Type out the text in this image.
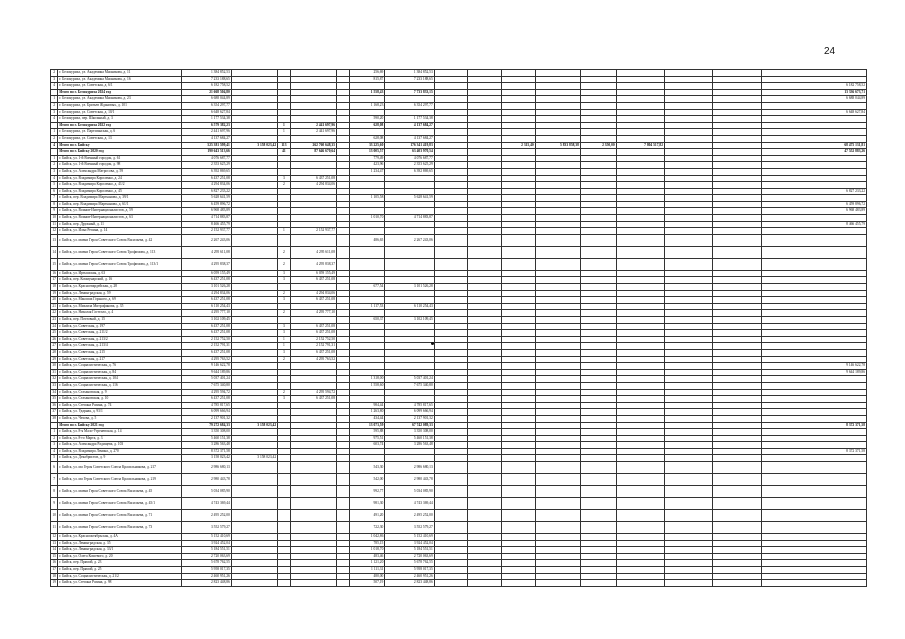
24
2	г. Белокуриха, ул. Академика Мясникова, д. 11	1 384 852,53					256,69	1 384 852,53									
3	г. Белокуриха, ул. Академика Мясникова, д. 16	7 233 188,65					815,87	7 233 188,65									
4	г. Белокуриха, ул. Советская, д. 6/1	6 182 758,52															6 182 758,52
	Итого по г. Белокуриха 2024 год	21 668 504,80					1 558,43	7 733 833,15									13 336 673,71
1	г. Белокуриха, ул. Академика Мясникова, д. 23	6 688 044,89															6 688 044,89
2	г. Белокуриха, ул. Братьев Ждановых, д. 101	6 354 297,77					1 168,23	6 354 297,77									
3	г. Белокуриха, ул. Советская, д. 10/1	6 648 627,84															6 648 627,84
4	г. Белокуриха, пер. Школьный, д. 3	1 177 534,38					590,20	1 177 534,38									
	Итого по г. Белокуриха 2022 год	6 579 382,23		1	2 441 697,96		628,08	4 137 684,27									
1	г. Белокуриха, ул. Партизанская, д. 6	2 441 697,96		1	2 441 697,96												
2	г. Белокуриха, ул. Советская, д. 13	4 137 684,27					628,08	4 137 684,27									
4	Итого по г. Бийску	525 381 599,41	3 158 023,42	113	262 760 648,35		33 225,60	176 341 419,83			2 315,40	5 833 858,38	2 350,00	7 804 517,82			68 475 131,81
	Итого по г. Бийску 2020 год	190 643 513,66		41	87 646 670,64		13 005,57	63 403 970,54									47 552 883,26
1	г. Бийск, ул. 1-й Военный городок, д. 61	4 076 687,77					779,49	4 076 687,77									
2	г. Бийск, ул. 1-й Военный городок, д. 98	2 353 625,29					423,96	2 353 625,29									
3	г. Бийск, ул. Александра Матросова, д. 59	6 392 869,65					1 234,47	6 392 869,65									
4	г. Бийск, ул. Владимира Короленко, д. 24	6 437 251,08		3	6 437 251,08												
5	г. Бийск, ул. Владимира Короленко, д. 41/2	4 294 834,06		2	4 294 834,06												
6	г. Бийск, ул. Владимира Короленко, д. 45	6 827 233,22															6 827 233,22
7	г. Бийск, пер. Владимира Мартьянова, д. 39/1	5 628 641,59					1 105,58	5 628 641,59									
8	г. Бийск, пер. Владимира Мартьянова, д. 61/1	6 459 896,72															6 459 896,72
9	г. Бийск, ул. Воинов-Интернационалистов, д. 59	6 968 483,89															6 968 483,89
10	г. Бийск, ул. Воинов-Интернационалистов, д. 63	4 714 883,87					1 010,70	4 714 883,87									
11	г. Бийск, пер. Дружный, д. 11	8 466 455,79															8 466 455,79
12	г. Бийск, ул. Ильи Репина, д. 14	2 152 937,77		1	2 152 937,77												
13	г. Бийск, ул. имени Героя Советского Союза Васильева, д. 42	2 267 243,06					486,65	2 267 243,06									
14	г. Бийск, ул. имени Героя Советского Союза Трофимова, д. 113	4 295 611,08		2	4 295 611,08												
15	г. Бийск, ул. имени Героя Советского Союза Трофимова, д. 113/1	4 295 838,37		2	4 295 838,37												
16	г. Бийск, ул. Иртышская, д. 63	6 059 155,49		3	6 059 155,49												
17	г. Бийск, пер. Коммунарский, д. 16	6 437 251,08		3	6 437 251,08												
18	г. Бийск, ул. Красногвардейская, д. 28	3 101 526,28					677,54	3 101 526,28									
19	г. Бийск, ул. Ленинградская, д. 59	4 294 834,06		2	4 294 834,06												
20	г. Бийск, ул. Максима Горького, д. 69	6 437 251,08		3	6 437 251,08												
21	г. Бийск, ул. Михаила Митрофанова, д. 35	6 110 254,43					1 117,53	6 110 254,43									
22	г. Бийск, ул. Николая Гастелло, д. 4	4 295 777,10		2	4 295 777,10												
23	г. Бийск, пер. Почтовый, д. 15	3 102 109,45					650,37	3 102 109,45									
24	г. Бийск, ул. Советская, д. 197	6 437 251,08		3	6 437 251,08												
25	г. Бийск, ул. Советская, д. 211/2	6 437 251,08		3	6 437 251,08												
26	г. Бийск, ул. Советская, д. 213/2	2 152 752,50		1	2 152 752,50												
27	г. Бийск, ул. Советская, д. 213/4	2 152 791,31		1	2 152 791,31												
28	г. Бийск, ул. Советская, д. 215	6 437 251,08		3	6 437 251,08												
29	г. Бийск, ул. Советская, д. 217	4 295 763,52		2	4 295 763,52												
30	г. Бийск, ул. Социалистическая, д. 76	9 146 622,78															9 146 622,78
31	г. Бийск, ул. Социалистическая, д. 84	9 644 189,86															9 644 189,86
32	г. Бийск, ул. Социалистическая, д. 104	5 037 401,24					1 318,00	5 037 401,24									
33	г. Бийск, ул. Социалистическая, д. 116	7 675 340,80					1 558,60	7 675 340,80									
34	г. Бийск, ул. Стахановская, д. 9	4 295 594,72		2	4 295 594,72												
35	г. Бийск, ул. Стахановская, д. 10	6 437 251,08		3	6 437 251,08												
36	г. Бийск, ул. Степана Разина, д. 74	4 785 817,65					984,44	4 785 817,65									
37	г. Бийск, ул. Ударная, д. 93/1	6 099 666,94					1 263,80	6 099 666,94									
38	г. Бийск, ул. Чехова, д. 5	2 137 901,32					434,44	2 137 901,32									
	Итого по г. Бийску 2021 год	79 272 684,33	3 158 023,42				13 073,59	67 742 089,33									8 372 371,58
1	г. Бийск, ул. 8-я Мало-Угреневская, д. 14	3 350 308,00					595,88	3 350 308,00									
2	г. Бийск, ул. 8-го Марта, д. 3	5 460 151,38					975,51	5 460 151,38									
3	г. Бийск, ул. Александра Радищева, д. 103	3 286 563,48					603,74	3 286 563,48									
4	г. Бийск, ул. Владимира Ленина, д. 270	8 372 371,58															8 372 371,58
5	г. Бийск, ул. Декабристов, д. 9	3 158 023,42	3 158 023,42														
6	г. Бийск, ул. им Героя Советского Союза Красильникова, д. 217	2 986 680,13					543,30	2 986 680,13									
7	г. Бийск, ул. им Героя Советского Союза Красильникова, д. 219	2 980 443,78					542,00	2 980 443,78									
8	г. Бийск, ул. имени Героя Советского Союза Васильева, д. 45	5 034 085,90					992,77	5 034 085,90									
9	г. Бийск, ул. имени Героя Советского Союза Васильева, д. 45/1	4 743 369,44					981,30	4 743 369,44									
10	г. Бийск, ул. имени Героя Советского Союза Васильева, д. 71	2 495 252,00					491,20	2 495 252,00									
11	г. Бийск, ул. имени Героя Советского Союза Васильева, д. 73	3 552 579,27					722,30	3 552 579,27									
12	г. Бийск, ул. Краснооктябрьская, д. 4А	5 152 410,69					1 042,86	5 152 410,69									
13	г. Бийск, ул. Ленинградская, д. 35	3 924 452,04					785,15	3 924 452,04									
14	г. Бийск, ул. Ленинградская, д. 33/1	5 184 551,51					1 018,70	5 184 551,51									
15	г. Бийск, ул. Олега Кошевого, д. 20	2 720 063,69					483,46	2 720 063,69									
16	г. Бийск, пер. Прямой, д. 23	5 678 762,55					1 121,20	5 678 762,55									
17	г. Бийск, пер. Прямой, д. 25	5 958 017,35					1 111,31	5 958 017,35									
18	г. Бийск, ул. Социалистическая, д. 21/2	2 460 951,26					480,00	2 460 951,26									
19	г. Бийск, ул. Степана Разина, д. 98	2 823 448,86					507,19	2 823 448,86									
